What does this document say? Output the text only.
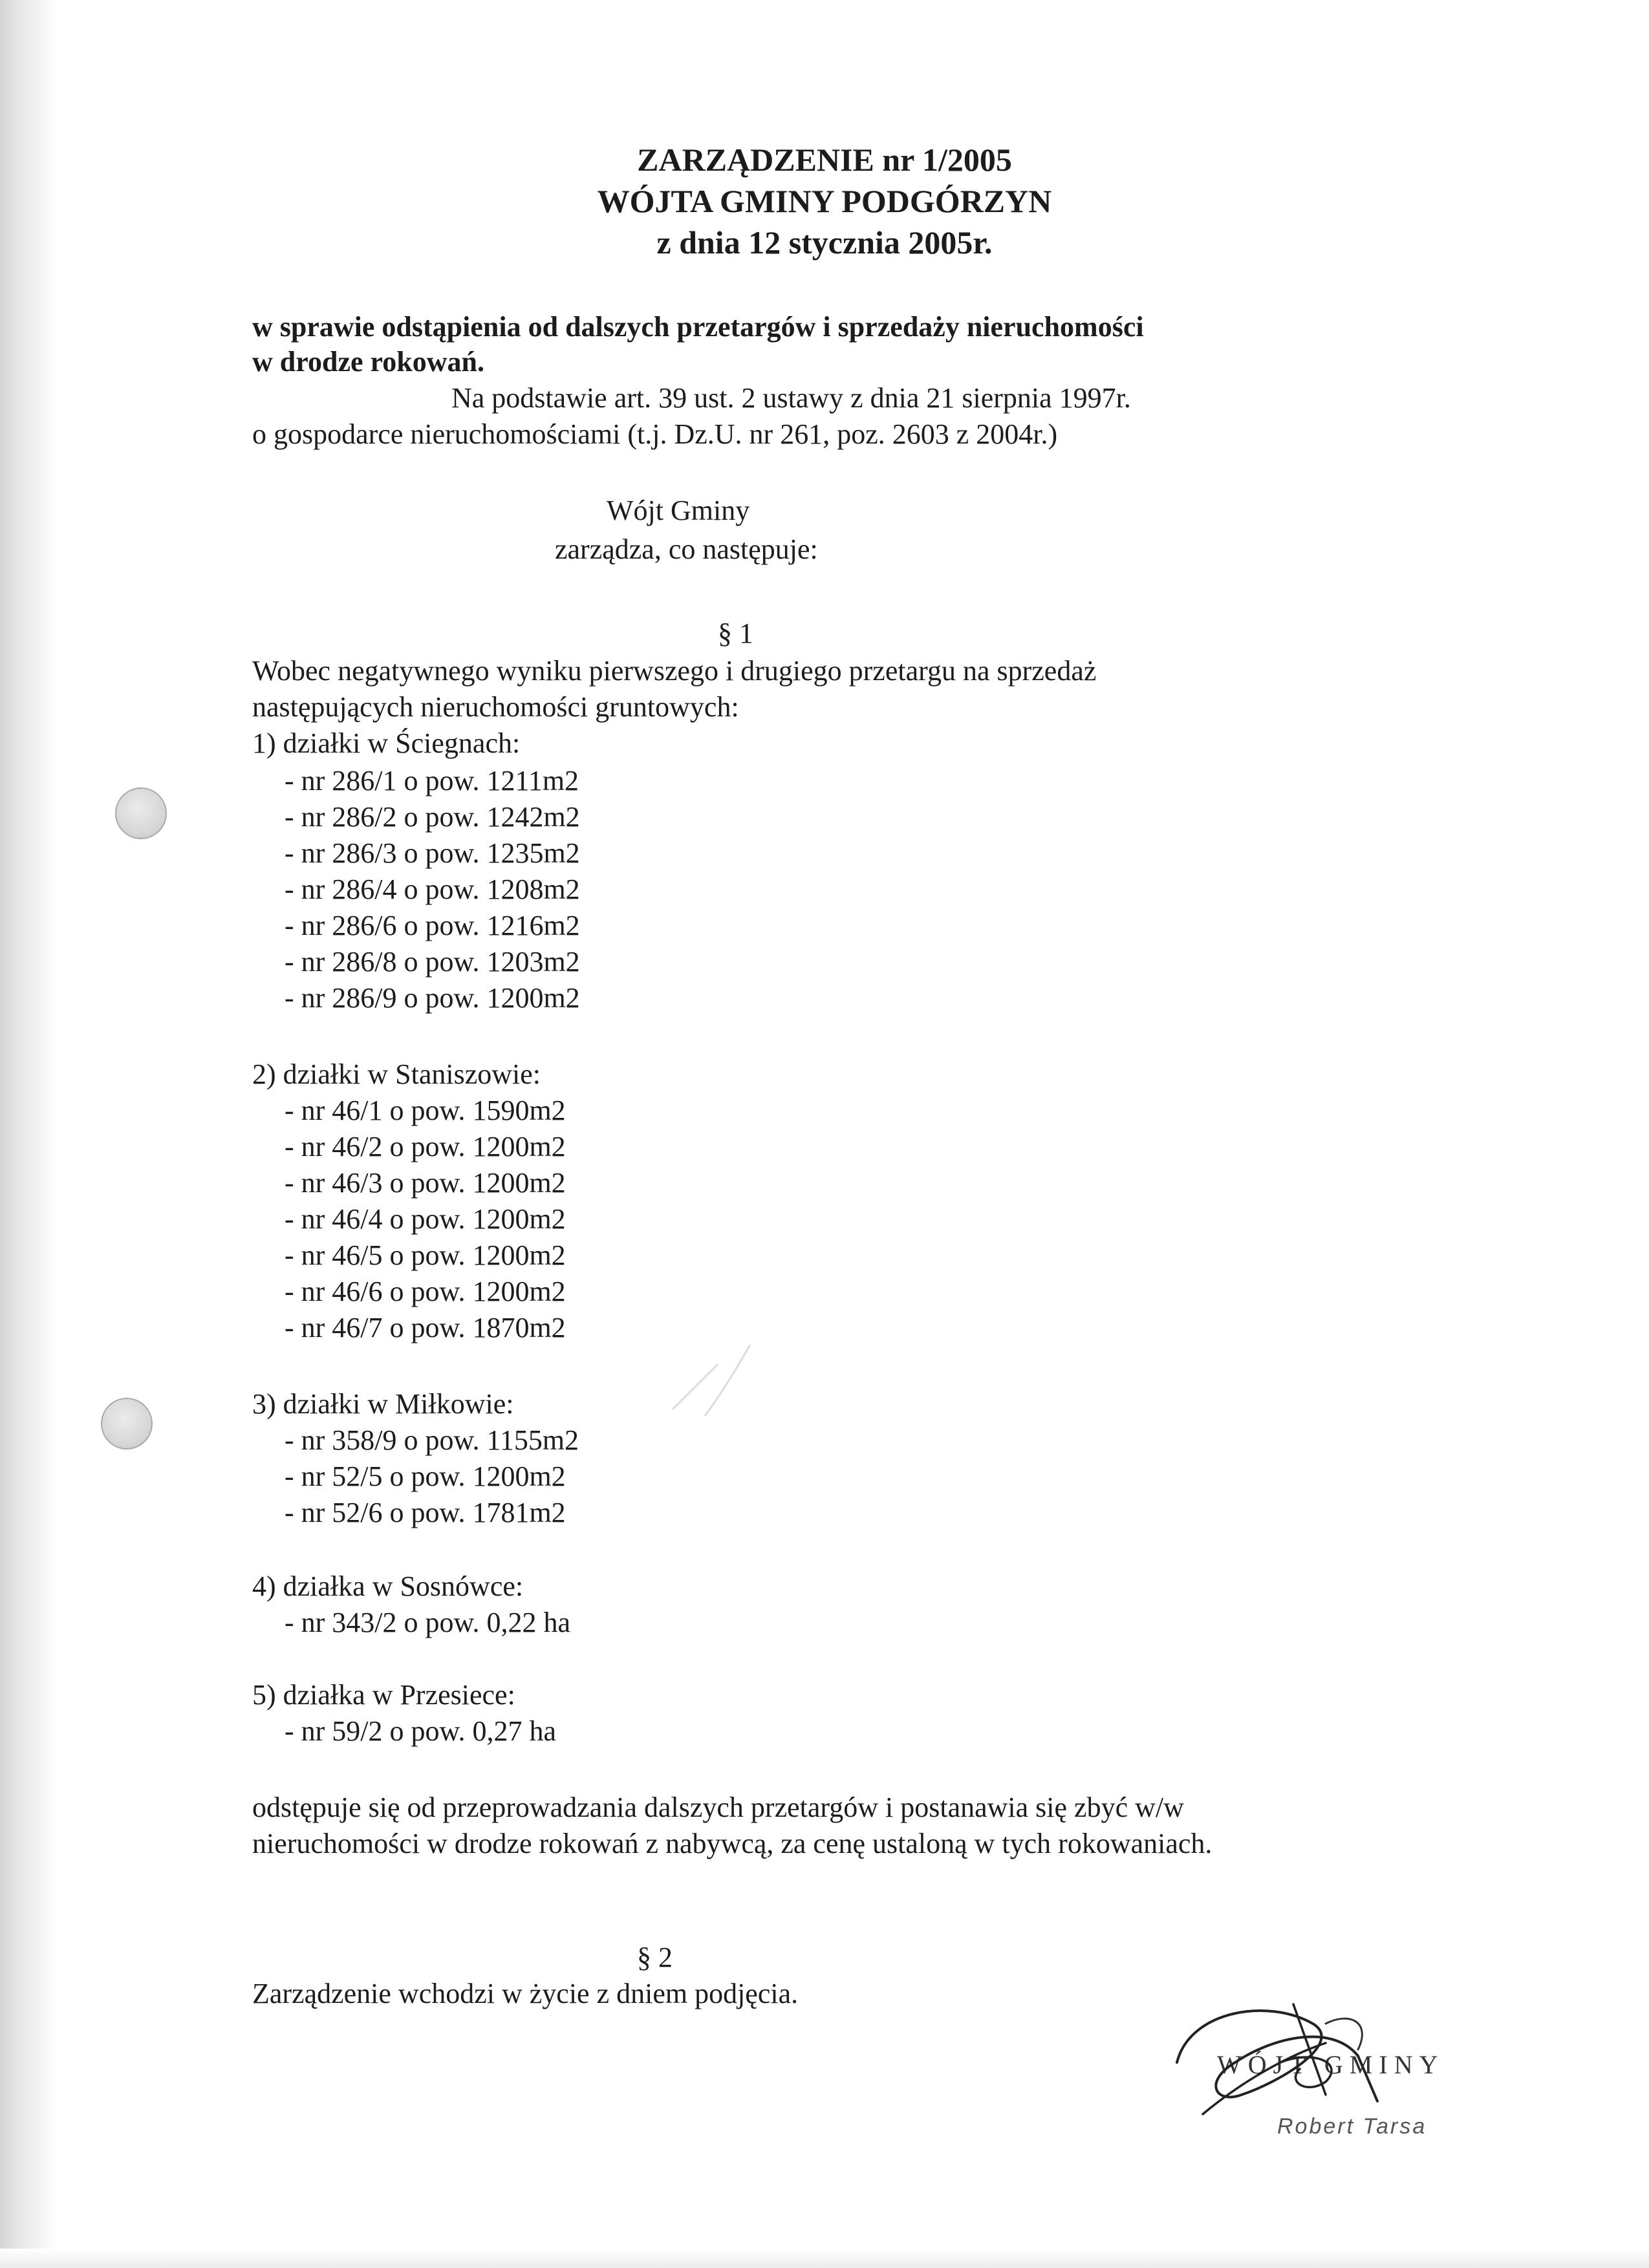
ZARZĄDZENIE nr 1/2005
WÓJTA GMINY PODGÓRZYN
z dnia 12 stycznia 2005r.
w sprawie odstąpienia od dalszych przetargów i sprzedaży nieruchomości
w drodze rokowań.
Na podstawie art. 39 ust. 2 ustawy z dnia 21 sierpnia 1997r.
o gospodarce nieruchomościami (t.j. Dz.U. nr 261, poz. 2603 z 2004r.)
Wójt Gminy
zarządza, co następuje:
§ 1
Wobec negatywnego wyniku pierwszego i drugiego przetargu na sprzedaż
następujących nieruchomości gruntowych:
1) działki w Ściegnach:
- nr 286/1 o pow. 1211m2
- nr 286/2 o pow. 1242m2
- nr 286/3 o pow. 1235m2
- nr 286/4 o pow. 1208m2
- nr 286/6 o pow. 1216m2
- nr 286/8 o pow. 1203m2
- nr 286/9 o pow. 1200m2
2) działki w Staniszowie:
- nr 46/1 o pow. 1590m2
- nr 46/2 o pow. 1200m2
- nr 46/3 o pow. 1200m2
- nr 46/4 o pow. 1200m2
- nr 46/5 o pow. 1200m2
- nr 46/6 o pow. 1200m2
- nr 46/7 o pow. 1870m2
3) działki w Miłkowie:
- nr 358/9 o pow. 1155m2
- nr 52/5 o pow. 1200m2
- nr 52/6 o pow. 1781m2
4) działka w Sosnówce:
- nr 343/2 o pow. 0,22 ha
5) działka w Przesiece:
- nr 59/2 o pow. 0,27 ha
odstępuje się od przeprowadzania dalszych przetargów i postanawia się zbyć w/w
nieruchomości w drodze rokowań z nabywcą, za cenę ustaloną w tych rokowaniach.
§ 2
Zarządzenie wchodzi w życie z dniem podjęcia.
WÓJT GMINY
Robert Tarsa
